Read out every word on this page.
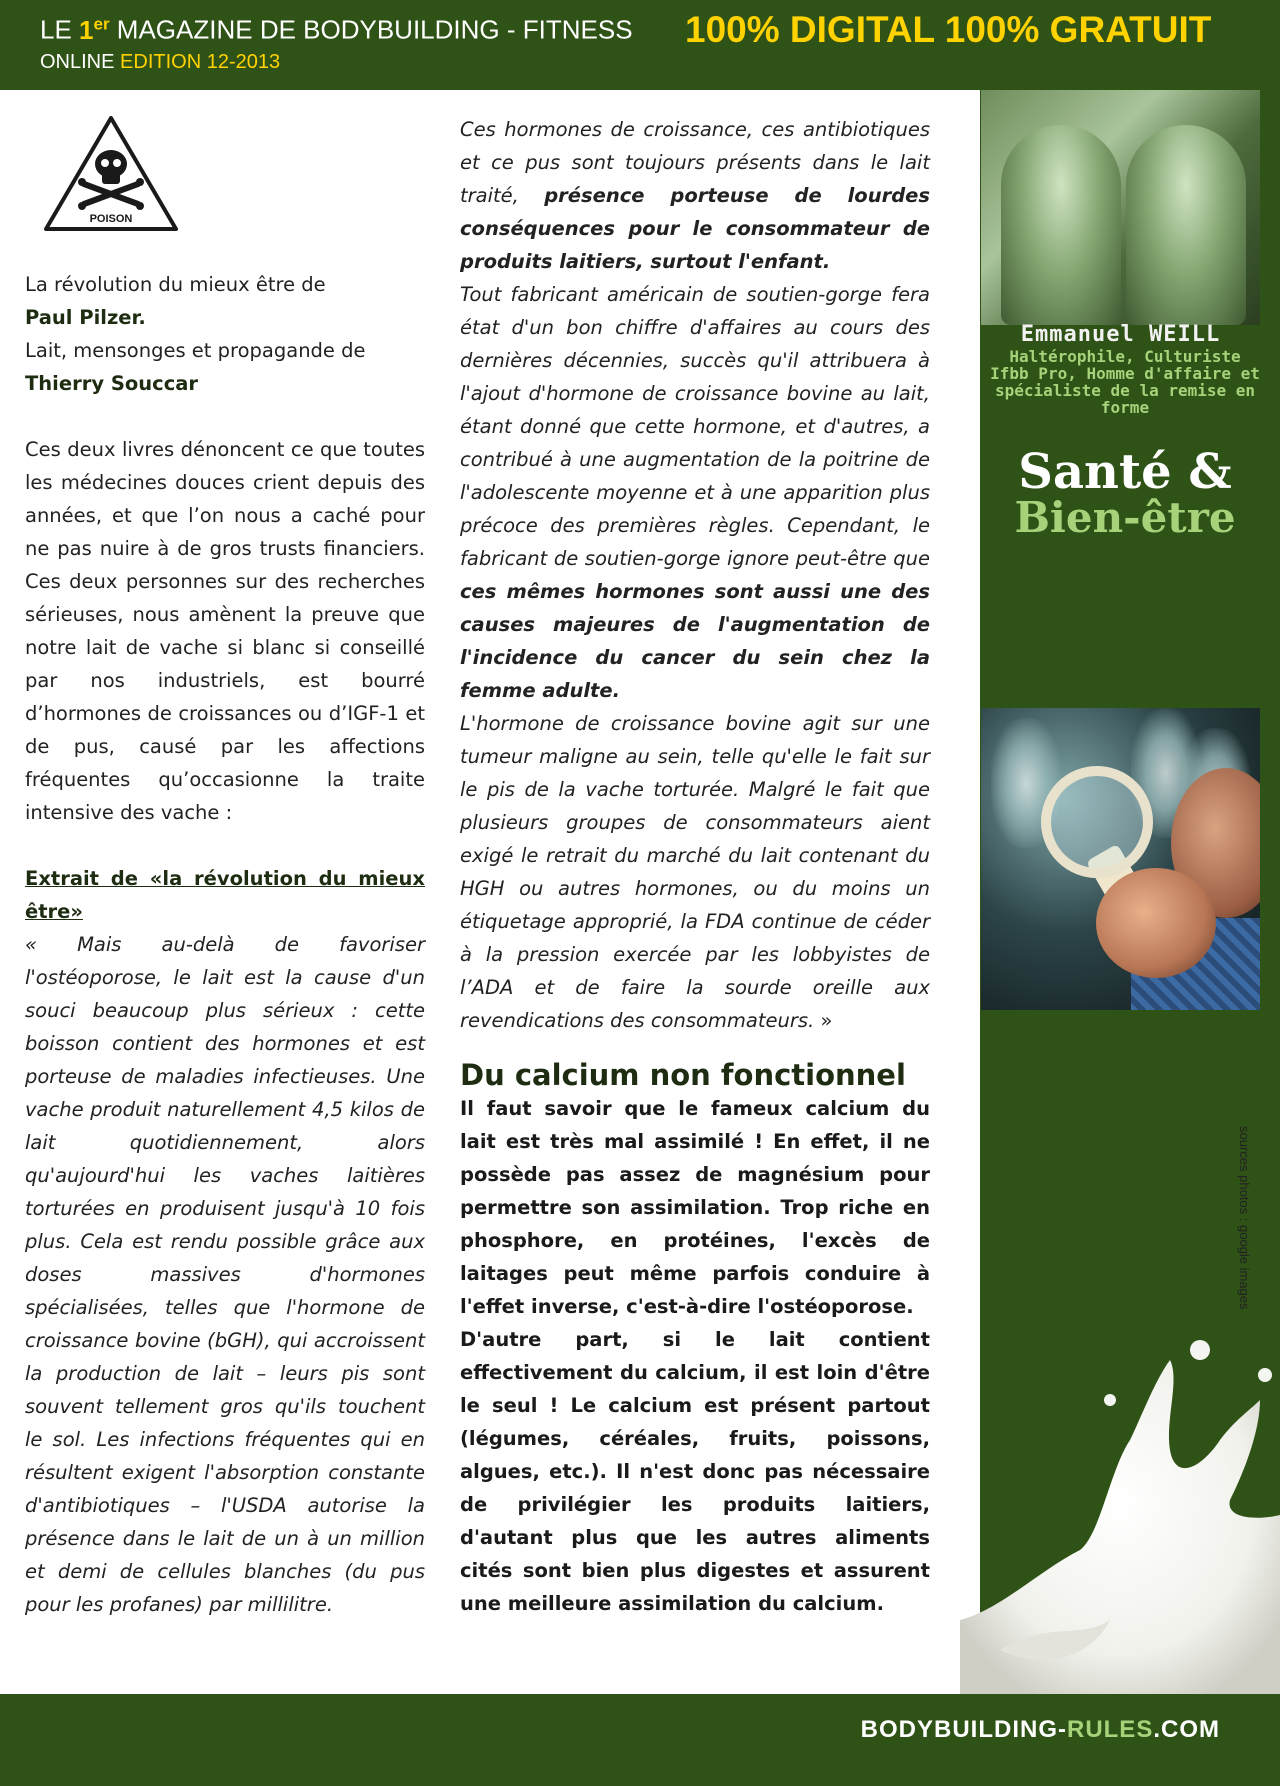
LE 1er MAGAZINE DE BODYBUILDING - FITNESS 100% DIGITAL 100% GRATUIT
ONLINE EDITION 12-2013
POISON

La révolution du mieux être de

Paul Pilzer.

Lait, mensonges et propagande de

Thierry Souccar

Ces deux livres dénoncent ce que toutes les médecines douces crient depuis des années, et que l’on nous a caché pour ne pas nuire à de gros trusts financiers. Ces deux personnes sur des recherches sérieuses, nous amènent la preuve que notre lait de vache si blanc si conseillé par nos industriels, est bourré d’hormones de croissances ou d’IGF-1 et de pus, causé par les affections fréquentes qu’occasionne la traite intensive des vache :

Extrait de «la révolution du mieux être»

« Mais au-delà de favoriser l'ostéoporose, le lait est la cause d'un souci beaucoup plus sérieux : cette boisson contient des hormones et est porteuse de maladies infectieuses. Une vache produit naturellement 4,5 kilos de lait quotidiennement, alors qu'aujourd'hui les vaches laitières torturées en produisent jusqu'à 10 fois plus. Cela est rendu possible grâce aux doses massives d'hormones spécialisées, telles que l'hormone de croissance bovine (bGH), qui accroissent la production de lait – leurs pis sont souvent tellement gros qu'ils touchent le sol. Les infections fréquentes qui en résultent exigent l'absorption constante d'antibiotiques – l'USDA autorise la présence dans le lait de un à un million et demi de cellules blanches (du pus pour les profanes) par millilitre.

Ces hormones de croissance, ces antibiotiques et ce pus sont toujours présents dans le lait traité, présence porteuse de lourdes conséquences pour le consommateur de produits laitiers, surtout l'enfant.

Tout fabricant américain de soutien-gorge fera état d'un bon chiffre d'affaires au cours des dernières décennies, succès qu'il attribuera à l'ajout d'hormone de croissance bovine au lait, étant donné que cette hormone, et d'autres, a contribué à une augmentation de la poitrine de l'adolescente moyenne et à une apparition plus précoce des premières règles. Cependant, le fabricant de soutien-gorge ignore peut-être que ces mêmes hormones sont aussi une des causes majeures de l'augmentation de l'incidence du cancer du sein chez la femme adulte.

L'hormone de croissance bovine agit sur une tumeur maligne au sein, telle qu'elle le fait sur le pis de la vache torturée. Malgré le fait que plusieurs groupes de consommateurs aient exigé le retrait du marché du lait contenant du HGH ou autres hormones, ou du moins un étiquetage approprié, la FDA continue de céder à la pression exercée par les lobbyistes de l’ADA et de faire la sourde oreille aux revendications des consommateurs. »

Du calcium non fonctionnel

Il faut savoir que le fameux calcium du lait est très mal assimilé ! En effet, il ne possède pas assez de magnésium pour permettre son assimilation. Trop riche en phosphore, en protéines, l'excès de laitages peut même parfois conduire à l'effet inverse, c'est-à-dire l'ostéoporose.

D'autre part, si le lait contient effectivement du calcium, il est loin d'être le seul ! Le calcium est présent partout (légumes, céréales, fruits, poissons, algues, etc.). Il n'est donc pas nécessaire de privilégier les produits laitiers, d'autant plus que les autres aliments cités sont bien plus digestes et assurent une meilleure assimilation du calcium.

Emmanuel WEILL
Haltérophile, Culturiste Ifbb Pro, Homme d'affaire et spécialiste de la remise en forme
Santé &
Bien-être
sources photos : google images
BODYBUILDING-RULES.COM
